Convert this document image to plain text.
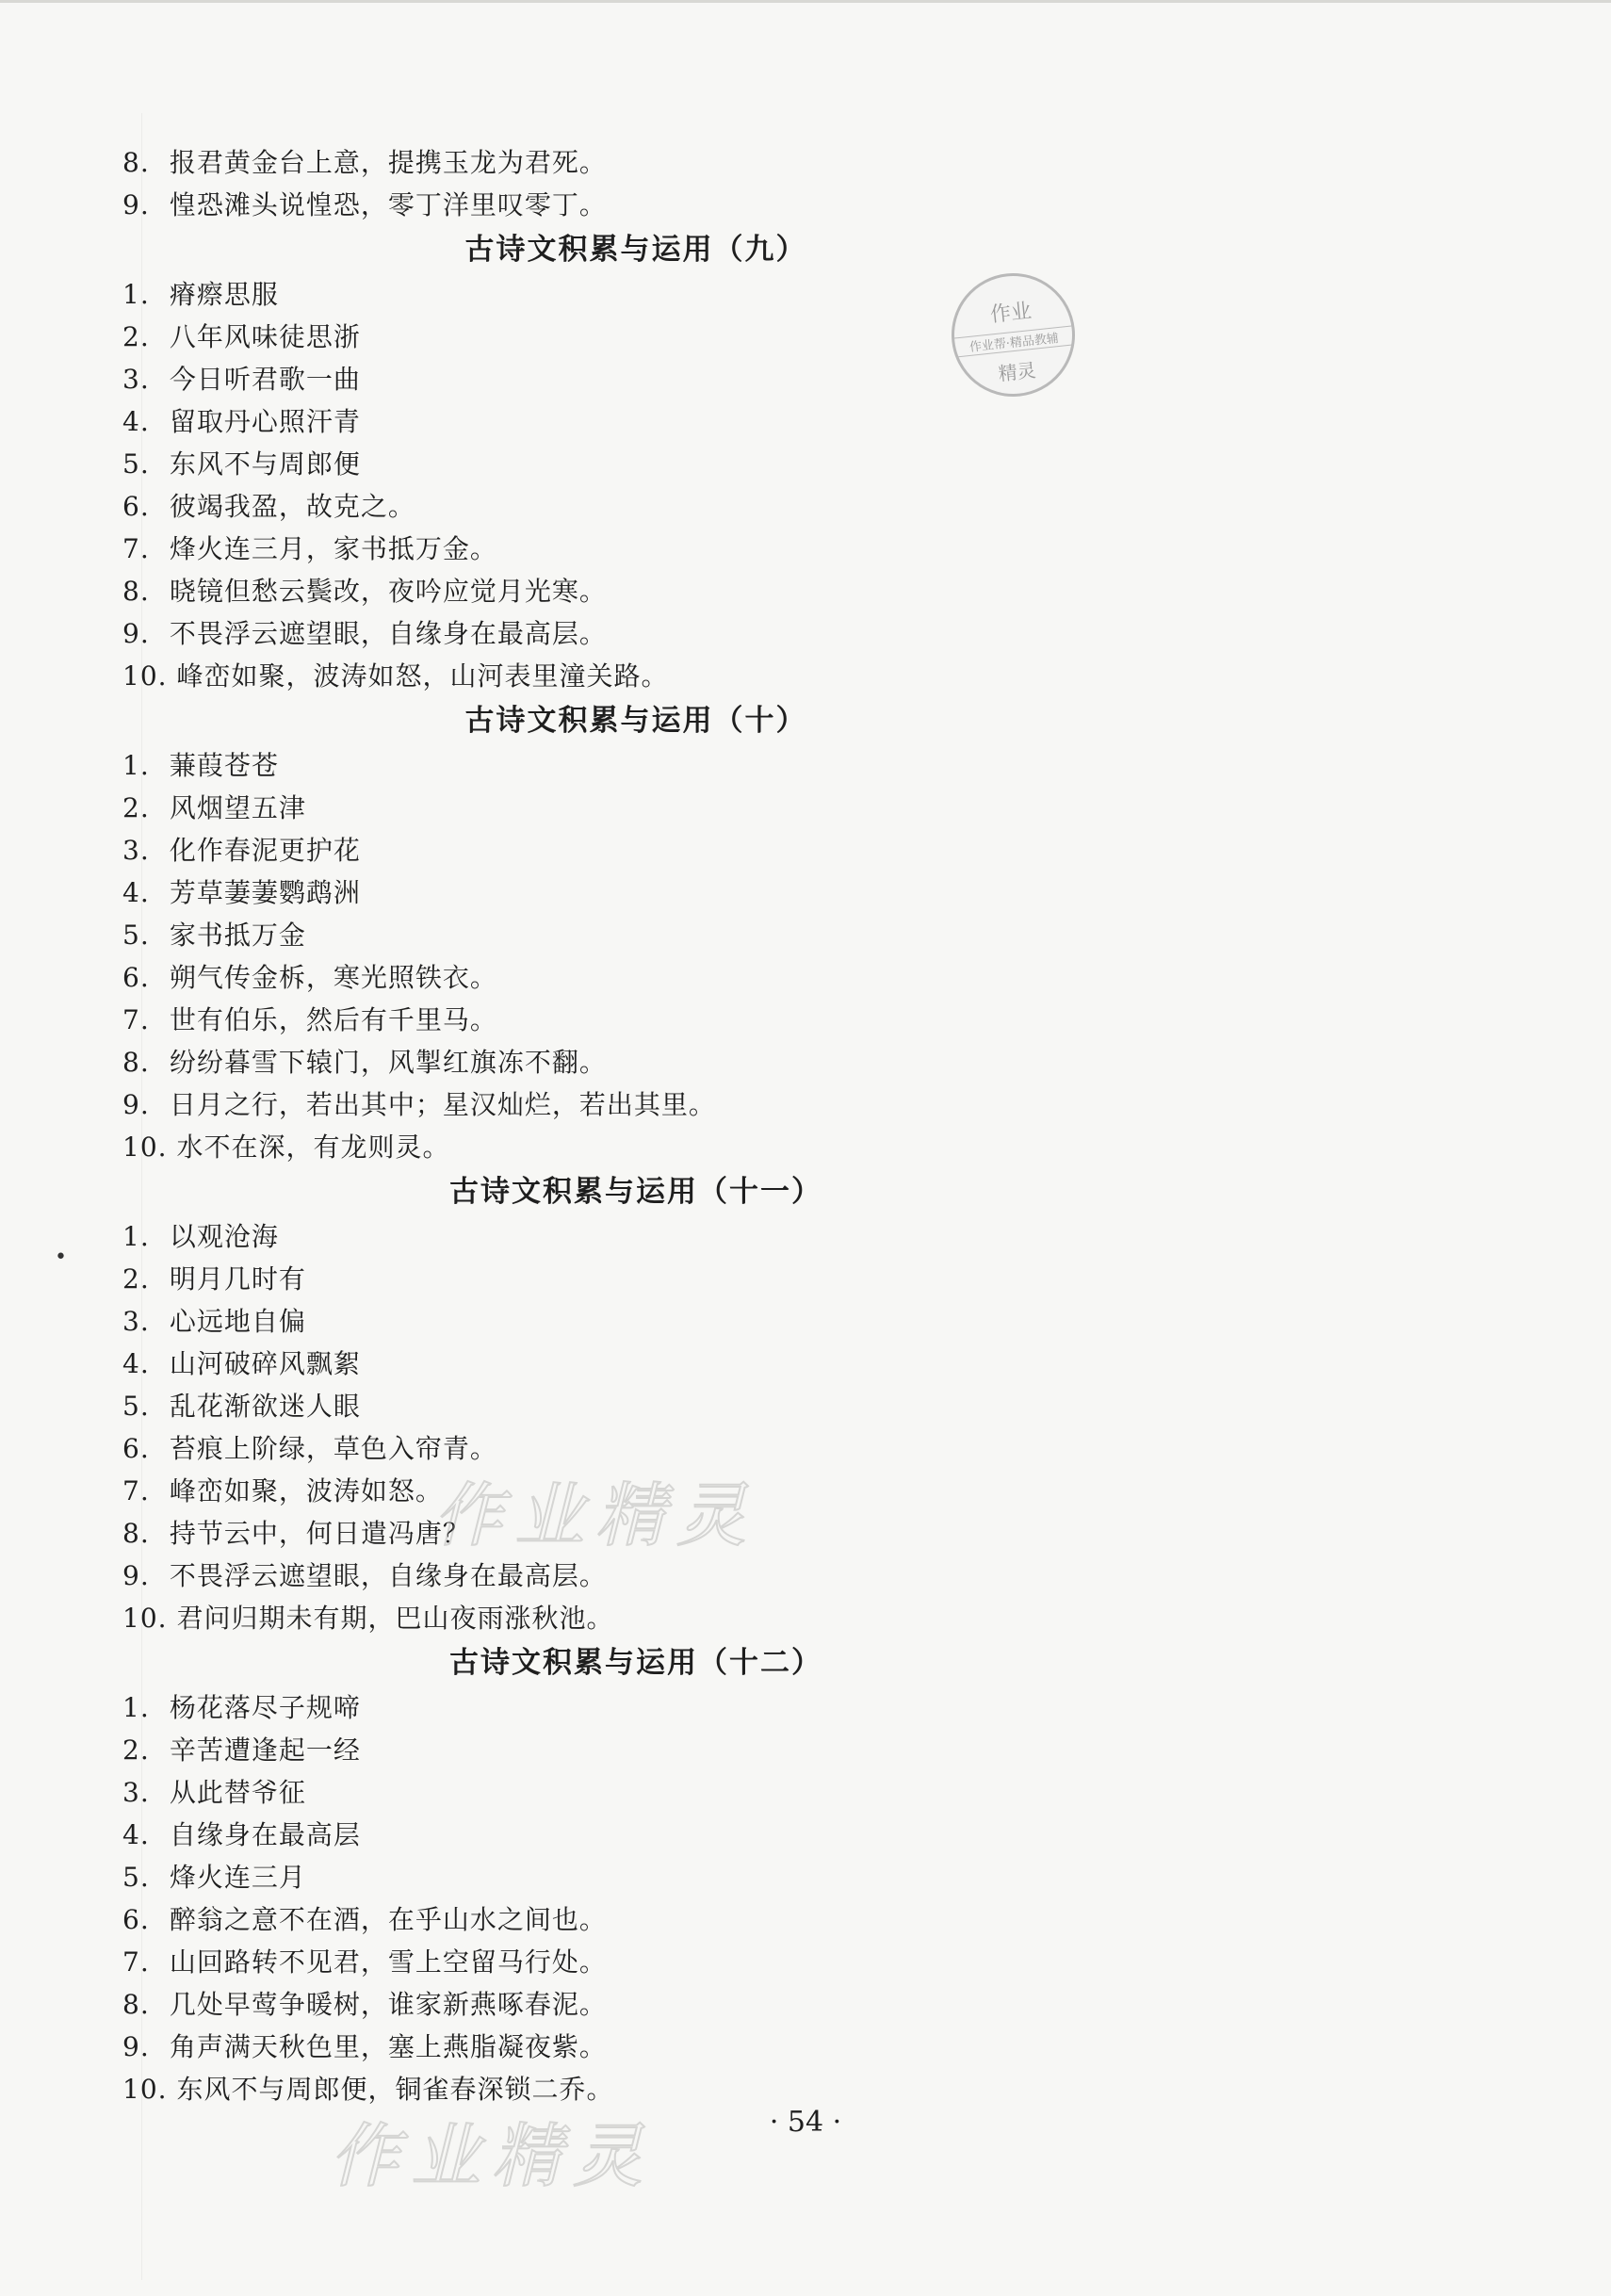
8. 报君黄金台上意，提携玉龙为君死。
9. 惶恐滩头说惶恐，零丁洋里叹零丁。
古诗文积累与运用（九）
1. 瘠瘵思服
2. 八年风味徒思浙
3. 今日听君歌一曲
4. 留取丹心照汗青
5. 东风不与周郎便
6. 彼竭我盈，故克之。
7. 烽火连三月，家书抵万金。
8. 晓镜但愁云鬓改，夜吟应觉月光寒。
9. 不畏浮云遮望眼，自缘身在最高层。
10. 峰峦如聚，波涛如怒，山河表里潼关路。
古诗文积累与运用（十）
1. 蒹葭苍苍
2. 风烟望五津
3. 化作春泥更护花
4. 芳草萋萋鹦鹉洲
5. 家书抵万金
6. 朔气传金柝，寒光照铁衣。
7. 世有伯乐，然后有千里马。
8. 纷纷暮雪下辕门，风掣红旗冻不翻。
9. 日月之行，若出其中；星汉灿烂，若出其里。
10. 水不在深，有龙则灵。
古诗文积累与运用（十一）
1. 以观沧海
2. 明月几时有
3. 心远地自偏
4. 山河破碎风飘絮
5. 乱花渐欲迷人眼
6. 苔痕上阶绿，草色入帘青。
7. 峰峦如聚，波涛如怒。
8. 持节云中，何日遣冯唐？
9. 不畏浮云遮望眼，自缘身在最高层。
10. 君问归期未有期，巴山夜雨涨秋池。
古诗文积累与运用（十二）
1. 杨花落尽子规啼
2. 辛苦遭逢起一经
3. 从此替爷征
4. 自缘身在最高层
5. 烽火连三月
6. 醉翁之意不在酒，在乎山水之间也。
7. 山回路转不见君，雪上空留马行处。
8. 几处早莺争暖树，谁家新燕啄春泥。
9. 角声满天秋色里，塞上燕脂凝夜紫。
10. 东风不与周郎便，铜雀春深锁二乔。
作业
作业帮·精品教辅
精灵
作业精灵
作业精灵
•
· 54 ·
